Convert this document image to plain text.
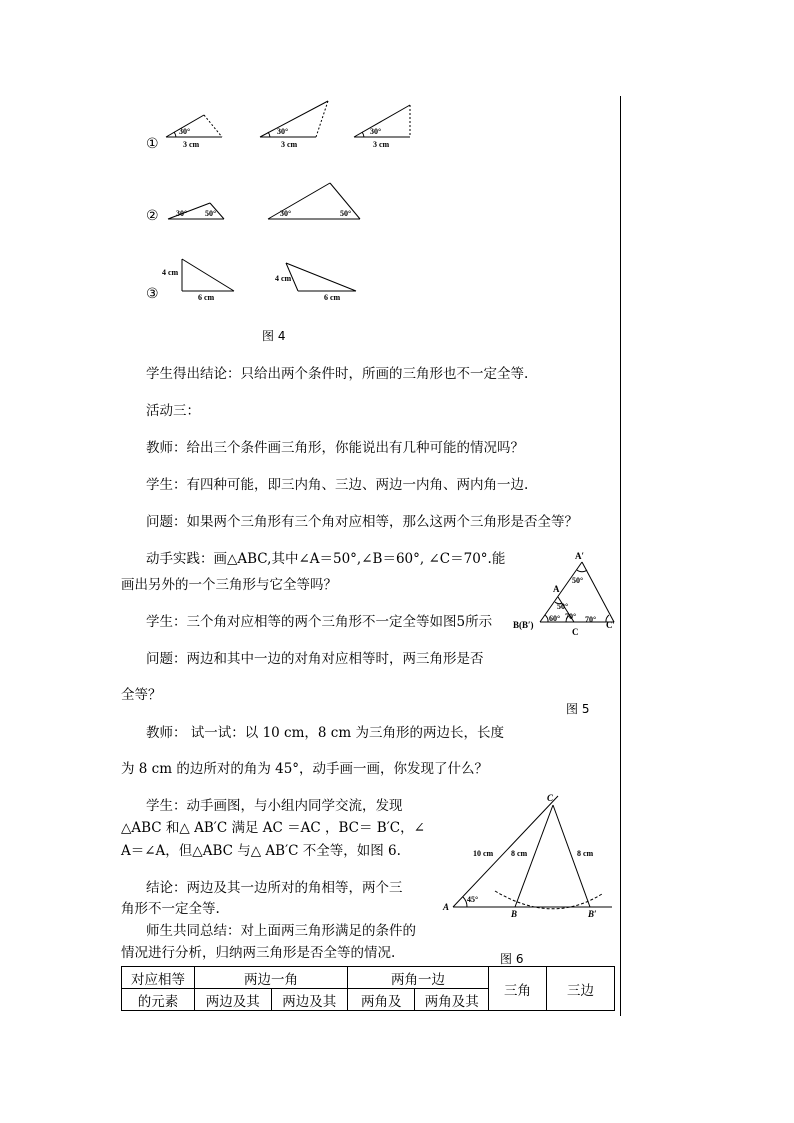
①
②
③
30°
3 cm
30°
3 cm
30°
3 cm
30° 50°	30°	50°
4 cm
6 cm
4 cm
6 cm
图 4
学生得出结论：只给出两个条件时，所画的三角形也不一定全等.
活动三：
教师：给出三个条件画三角形，你能说出有几种可能的情况吗？
学生：有四种可能，即三内角、三边、两边一内角、两内角一边.
问题：如果两个三角形有三个角对应相等，那么这两个三角形是否全等？
动手实践：画△ABC,其中∠A＝50°,∠B＝60°, ∠C＝70°.能
画出另外的一个三角形与它全等吗？
学生：三个角对应相等的两个三角形不一定全等如图5所示
问题：两边和其中一边的对角对应相等时，两三角形是否
全等？
教师： 试一试：以 10 cm，8 cm 为三角形的两边长，长度
为 8 cm 的边所对的角为 45°，动手画一画，你发现了什么？
学生：动手画图，与小组内同学交流，发现
△ABC 和△ AB′C 满足 AC ＝AC ，BC＝ B′C，∠
A＝∠A，但△ABC 与△ AB′C 不全等，如图 6.
结论：两边及其一边所对的角相等，两个三
角形不一定全等.
师生共同总结：对上面两三角形满足的条件的
情况进行分析，归纳两三角形是否全等的情况.
A′
A
B(B′)
C
C′
50°
50°
60° 70° 70°
图 5
C
A
B	B′
10 cm 8 cm	8 cm
45°
图 6
对应相等	两边一角		两角一边		三角	三边
的元素	两边及其	两边及其	两角及	两角及其		
